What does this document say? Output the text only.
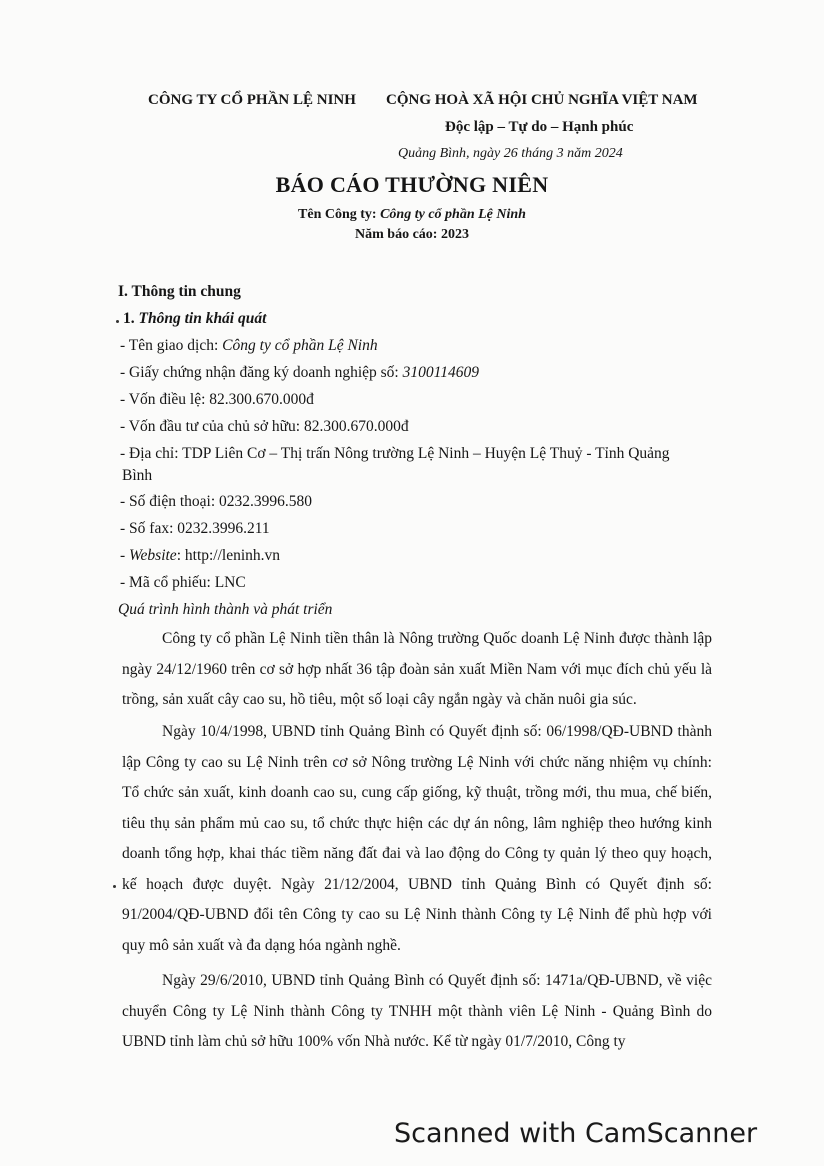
CÔNG TY CỔ PHẦN LỆ NINH CỘNG HOÀ XÃ HỘI CHỦ NGHĨA VIỆT NAM
Độc lập – Tự do – Hạnh phúc
Quảng Bình, ngày 26 tháng 3 năm 2024
BÁO CÁO THƯỜNG NIÊN
Tên Công ty: Công ty cổ phần Lệ Ninh
Năm báo cáo: 2023
I. Thông tin chung
1. Thông tin khái quát
- Tên giao dịch: Công ty cổ phần Lệ Ninh
- Giấy chứng nhận đăng ký doanh nghiệp số: 3100114609
- Vốn điều lệ: 82.300.670.000đ
- Vốn đầu tư của chủ sở hữu: 82.300.670.000đ
- Địa chỉ: TDP Liên Cơ – Thị trấn Nông trường Lệ Ninh – Huyện Lệ Thuỷ - Tỉnh Quảng
Bình
- Số điện thoại: 0232.3996.580
- Số fax: 0232.3996.211
- Website: http://leninh.vn
- Mã cổ phiếu: LNC
Quá trình hình thành và phát triển
Công ty cổ phần Lệ Ninh tiền thân là Nông trường Quốc doanh Lệ Ninh được thành lập ngày 24/12/1960 trên cơ sở hợp nhất 36 tập đoàn sản xuất Miền Nam với mục đích chủ yếu là trồng, sản xuất cây cao su, hồ tiêu, một số loại cây ngắn ngày và chăn nuôi gia súc.
Ngày 10/4/1998, UBND tỉnh Quảng Bình có Quyết định số: 06/1998/QĐ-UBND thành lập Công ty cao su Lệ Ninh trên cơ sở Nông trường Lệ Ninh với chức năng nhiệm vụ chính: Tổ chức sản xuất, kinh doanh cao su, cung cấp giống, kỹ thuật, trồng mới, thu mua, chế biến, tiêu thụ sản phẩm mủ cao su, tổ chức thực hiện các dự án nông, lâm nghiệp theo hướng kinh doanh tổng hợp, khai thác tiềm năng đất đai và lao động do Công ty quản lý theo quy hoạch, kế hoạch được duyệt. Ngày 21/12/2004, UBND tỉnh Quảng Bình có Quyết định số: 91/2004/QĐ-UBND đổi tên Công ty cao su Lệ Ninh thành Công ty Lệ Ninh để phù hợp với quy mô sản xuất và đa dạng hóa ngành nghề.
Ngày 29/6/2010, UBND tỉnh Quảng Bình có Quyết định số: 1471a/QĐ-UBND, về việc chuyển Công ty Lệ Ninh thành Công ty TNHH một thành viên Lệ Ninh - Quảng Bình do UBND tỉnh làm chủ sở hữu 100% vốn Nhà nước. Kể từ ngày 01/7/2010, Công ty
Scanned with CamScanner
